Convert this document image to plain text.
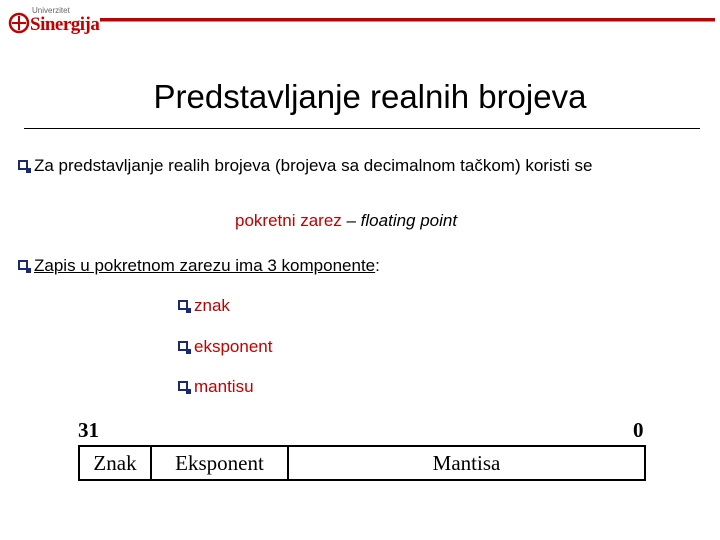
Univerzitet
Sinergija
Predstavljanje realnih brojeva
Za predstavljanje realih brojeva (brojeva sa decimalnom tačkom) koristi se
pokretni zarez – floating point
Zapis u pokretnom zarezu ima 3 komponente:
znak
eksponent
mantisu
31	0
Znak	Eksponent	Mantisa
